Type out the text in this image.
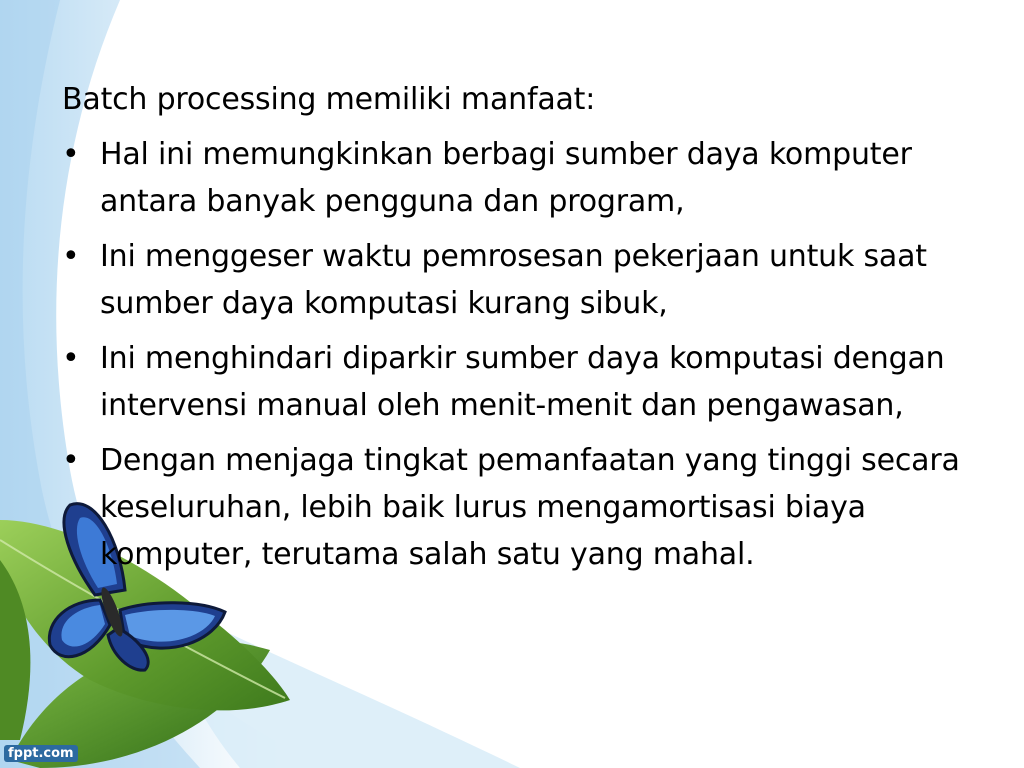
Batch processing memiliki manfaat:

• Hal ini memungkinkan berbagi sumber daya komputer antara banyak pengguna dan program,
• Ini menggeser waktu pemrosesan pekerjaan untuk saat sumber daya komputasi kurang sibuk,
• Ini menghindari diparkir sumber daya komputasi dengan intervensi manual oleh menit-menit dan pengawasan,
• Dengan menjaga tingkat pemanfaatan yang tinggi secara keseluruhan, lebih baik lurus mengamortisasi biaya komputer, terutama salah satu yang mahal.
fppt.com
